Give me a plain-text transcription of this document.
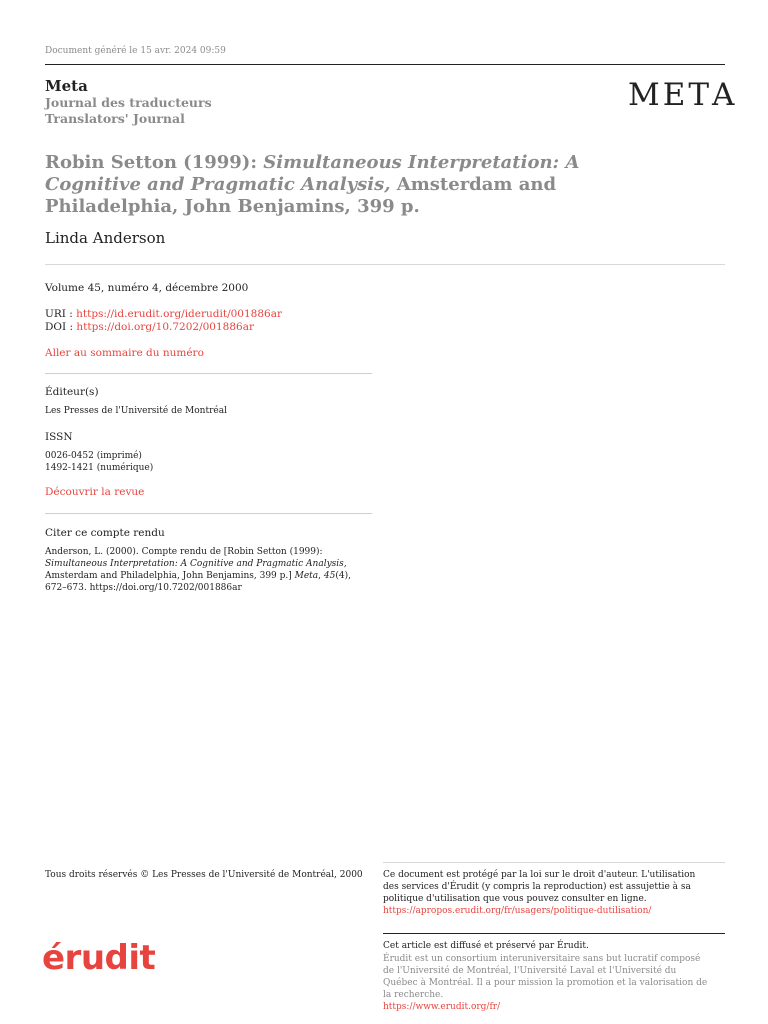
Document généré le 15 avr. 2024 09:59
Meta
Journal des traducteurs
Translators' Journal
METΑ
Robin Setton (1999): Simultaneous Interpretation: A Cognitive and Pragmatic Analysis, Amsterdam and Philadelphia, John Benjamins, 399 p.
Linda Anderson
Volume 45, numéro 4, décembre 2000
URI : https://id.erudit.org/iderudit/001886ar
DOI : https://doi.org/10.7202/001886ar
Aller au sommaire du numéro
Éditeur(s)
Les Presses de l'Université de Montréal
ISSN
0026-0452 (imprimé)
1492-1421 (numérique)
Découvrir la revue
Citer ce compte rendu
Anderson, L. (2000). Compte rendu de [Robin Setton (1999): Simultaneous Interpretation: A Cognitive and Pragmatic Analysis, Amsterdam and Philadelphia, John Benjamins, 399 p.] Meta, 45(4), 672–673. https://doi.org/10.7202/001886ar
Tous droits réservés © Les Presses de l'Université de Montréal, 2000 Ce document est protégé par la loi sur le droit d'auteur. L'utilisation des services d'Érudit (y compris la reproduction) est assujettie à sa politique d'utilisation que vous pouvez consulter en ligne.
https://apropos.erudit.org/fr/usagers/politique-dutilisation/
érudit	Cet article est diffusé et préservé par Érudit.
Érudit est un consortium interuniversitaire sans but lucratif composé de l'Université de Montréal, l'Université Laval et l'Université du Québec à Montréal. Il a pour mission la promotion et la valorisation de la recherche.
https://www.erudit.org/fr/
